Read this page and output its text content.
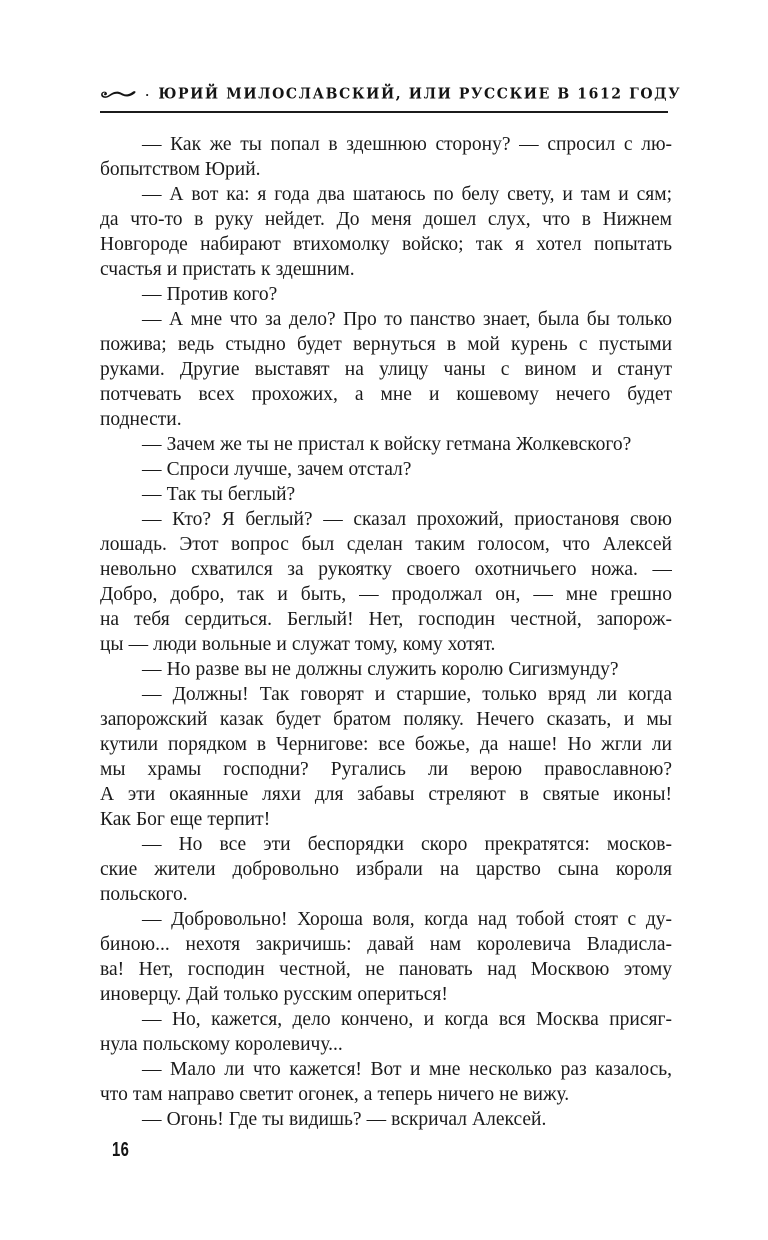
· ЮРИЙ МИЛОСЛАВСКИЙ, ИЛИ РУССКИЕ В 1612 ГОДУ
— Как же ты попал в здешнюю сторону? — спросил с лю-
бопытством Юрий.
— А вот ка: я года два шатаюсь по белу свету, и там и сям;
да что-то в руку нейдет. До меня дошел слух, что в Нижнем
Новгороде набирают втихомолку войско; так я хотел попытать
счастья и пристать к здешним.
— Против кого?
— А мне что за дело? Про то панство знает, была бы только
пожива; ведь стыдно будет вернуться в мой курень с пустыми
руками. Другие выставят на улицу чаны с вином и станут
потчевать всех прохожих, а мне и кошевому нечего будет
поднести.
— Зачем же ты не пристал к войску гетмана Жолкевского?
— Спроси лучше, зачем отстал?
— Так ты беглый?
— Кто? Я беглый? — сказал прохожий, приостановя свою
лошадь. Этот вопрос был сделан таким голосом, что Алексей
невольно схватился за рукоятку своего охотничьего ножа. —
Добро, добро, так и быть, — продолжал он, — мне грешно
на тебя сердиться. Беглый! Нет, господин честной, запорож-
цы — люди вольные и служат тому, кому хотят.
— Но разве вы не должны служить королю Сигизмунду?
— Должны! Так говорят и старшие, только вряд ли когда
запорожский казак будет братом поляку. Нечего сказать, и мы
кутили порядком в Чернигове: все божье, да наше! Но жгли ли
мы храмы господни? Ругались ли верою православною?
А эти окаянные ляхи для забавы стреляют в святые иконы!
Как Бог еще терпит!
— Но все эти беспорядки скоро прекратятся: москов-
ские жители добровольно избрали на царство сына короля
польского.
— Добровольно! Хороша воля, когда над тобой стоят с ду-
биною... нехотя закричишь: давай нам королевича Владисла-
ва! Нет, господин честной, не пановать над Москвою этому
иноверцу. Дай только русским опериться!
— Но, кажется, дело кончено, и когда вся Москва присяг-
нула польскому королевичу...
— Мало ли что кажется! Вот и мне несколько раз казалось,
что там направо светит огонек, а теперь ничего не вижу.
— Огонь! Где ты видишь? — вскричал Алексей.
16
